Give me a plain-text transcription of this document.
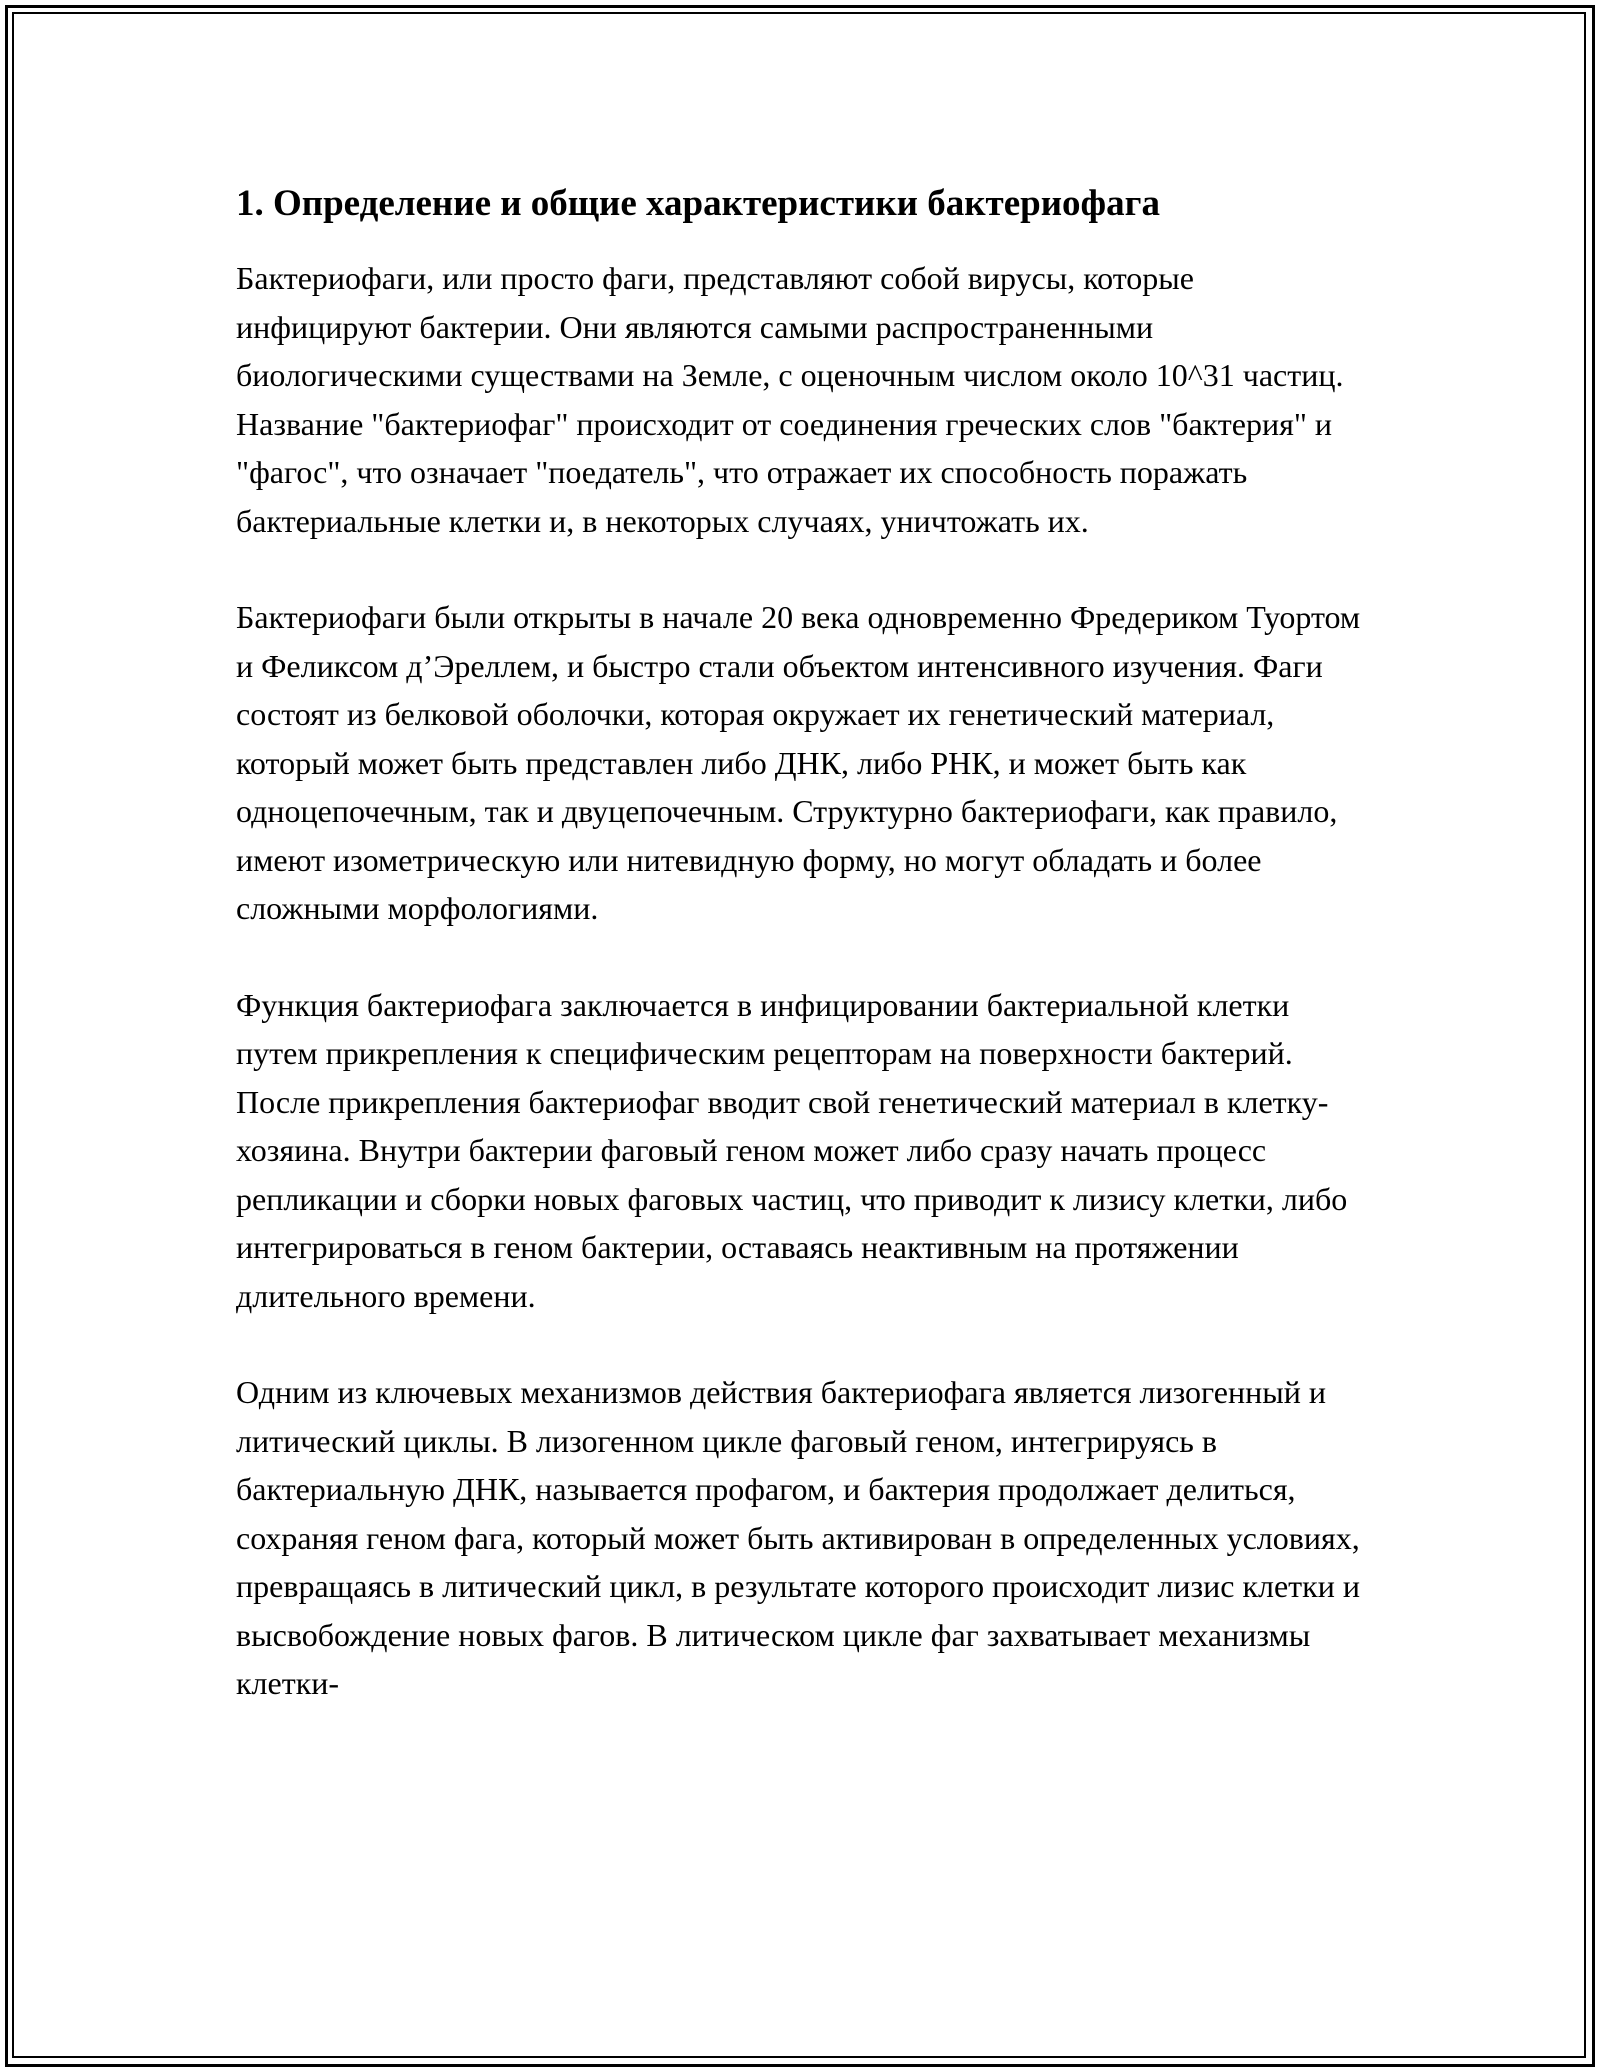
1. Определение и общие характеристики бактериофага

Бактериофаги, или просто фаги, представляют собой вирусы, которые инфицируют бактерии. Они являются самыми распространенными биологическими существами на Земле, с оценочным числом около 10^31 частиц. Название "бактериофаг" происходит от соединения греческих слов "бактерия" и "фагос", что означает "поедатель", что отражает их способность поражать бактериальные клетки и, в некоторых случаях, уничтожать их.

Бактериофаги были открыты в начале 20 века одновременно Фредериком Туортом и Феликсом д’Эреллем, и быстро стали объектом интенсивного изучения. Фаги состоят из белковой оболочки, которая окружает их генетический материал, который может быть представлен либо ДНК, либо РНК, и может быть как одноцепочечным, так и двуцепочечным. Структурно бактериофаги, как правило, имеют изометрическую или нитевидную форму, но могут обладать и более сложными морфологиями.

Функция бактериофага заключается в инфицировании бактериальной клетки путем прикрепления к специфическим рецепторам на поверхности бактерий. После прикрепления бактериофаг вводит свой генетический материал в клетку-хозяина. Внутри бактерии фаговый геном может либо сразу начать процесс репликации и сборки новых фаговых частиц, что приводит к лизису клетки, либо интегрироваться в геном бактерии, оставаясь неактивным на протяжении длительного времени.

Одним из ключевых механизмов действия бактериофага является лизогенный и литический циклы. В лизогенном цикле фаговый геном, интегрируясь в бактериальную ДНК, называется профагом, и бактерия продолжает делиться, сохраняя геном фага, который может быть активирован в определенных условиях, превращаясь в литический цикл, в результате которого происходит лизис клетки и высвобождение новых фагов. В литическом цикле фаг захватывает механизмы клетки-
